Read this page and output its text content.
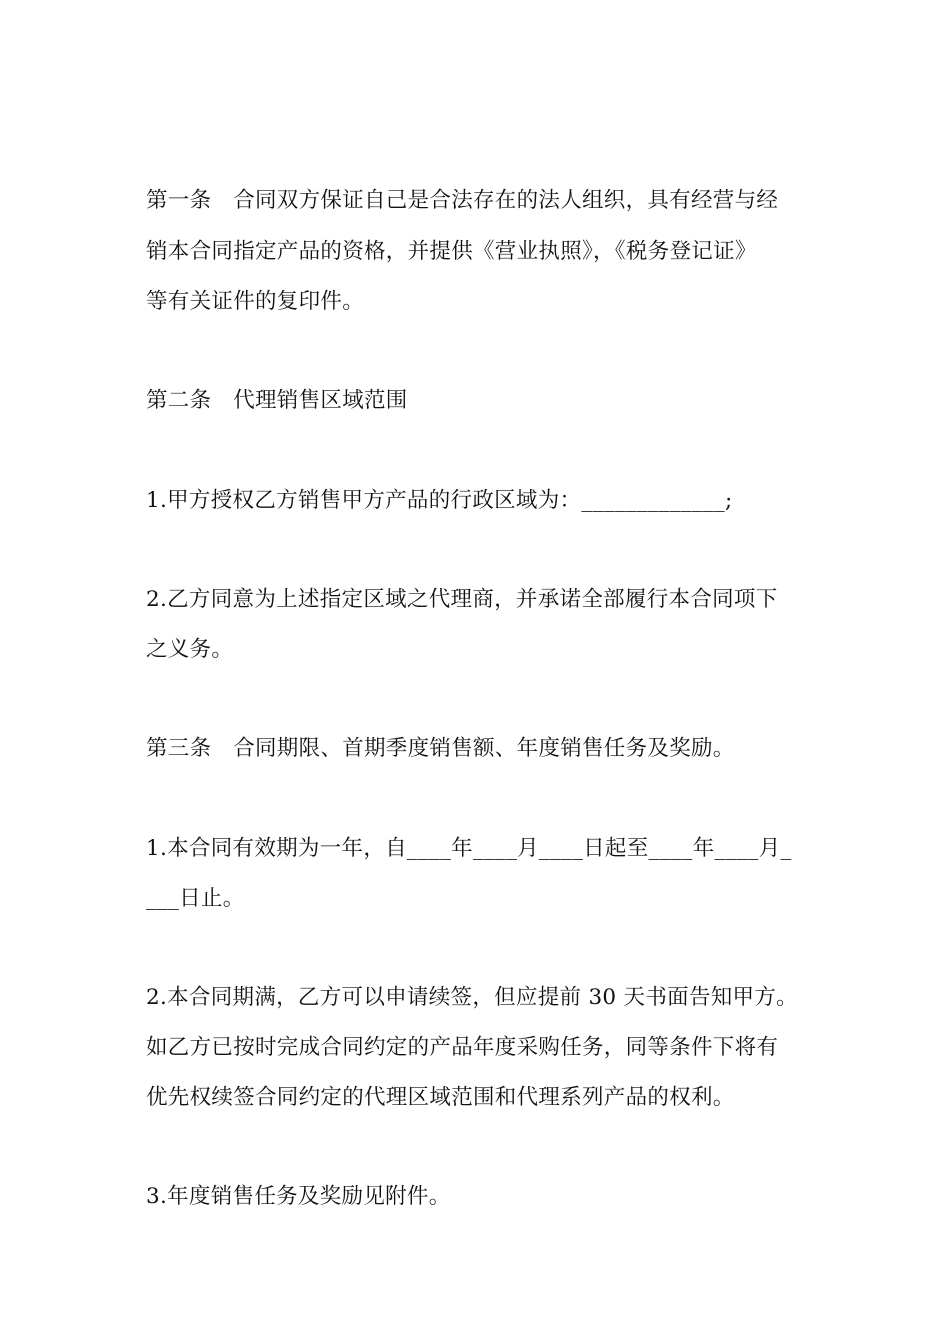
第一条　合同双方保证自己是合法存在的法人组织，具有经营与经
销本合同指定产品的资格，并提供《营业执照》，《税务登记证》
等有关证件的复印件。
第二条　代理销售区域范围
1.甲方授权乙方销售甲方产品的行政区域为：_____________;
2.乙方同意为上述指定区域之代理商，并承诺全部履行本合同项下
之义务。
第三条　合同期限、首期季度销售额、年度销售任务及奖励。
1.本合同有效期为一年，自____年____月____日起至____年____月_
___日止。
2.本合同期满，乙方可以申请续签，但应提前 30 天书面告知甲方。
如乙方已按时完成合同约定的产品年度采购任务，同等条件下将有
优先权续签合同约定的代理区域范围和代理系列产品的权利。
3.年度销售任务及奖励见附件。
